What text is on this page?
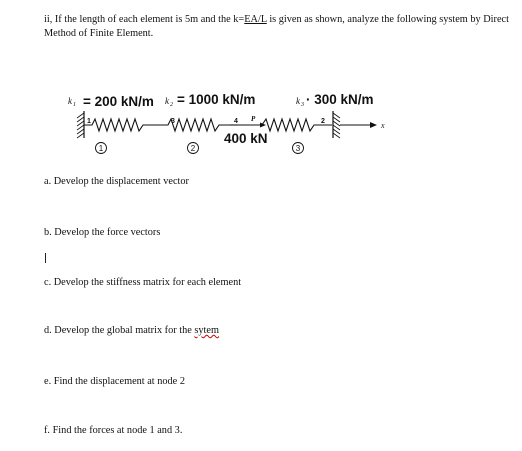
ii, If the length of each element is 5m and the k=EA/L is given as shown, analyze the following system by Direct Method of Finite Element.

k 1 = 200 kN/m k 2 = 1000 kN/m	k 3 · 300 kN/m
x
1	3	4	2
P
400 kN
1	2	3

a. Develop the displacement vector

b. Develop the force vectors

c. Develop the stiffness matrix for each element

d. Develop the global matrix for the sytem

e. Find the displacement at node 2

f. Find the forces at node 1 and 3.
